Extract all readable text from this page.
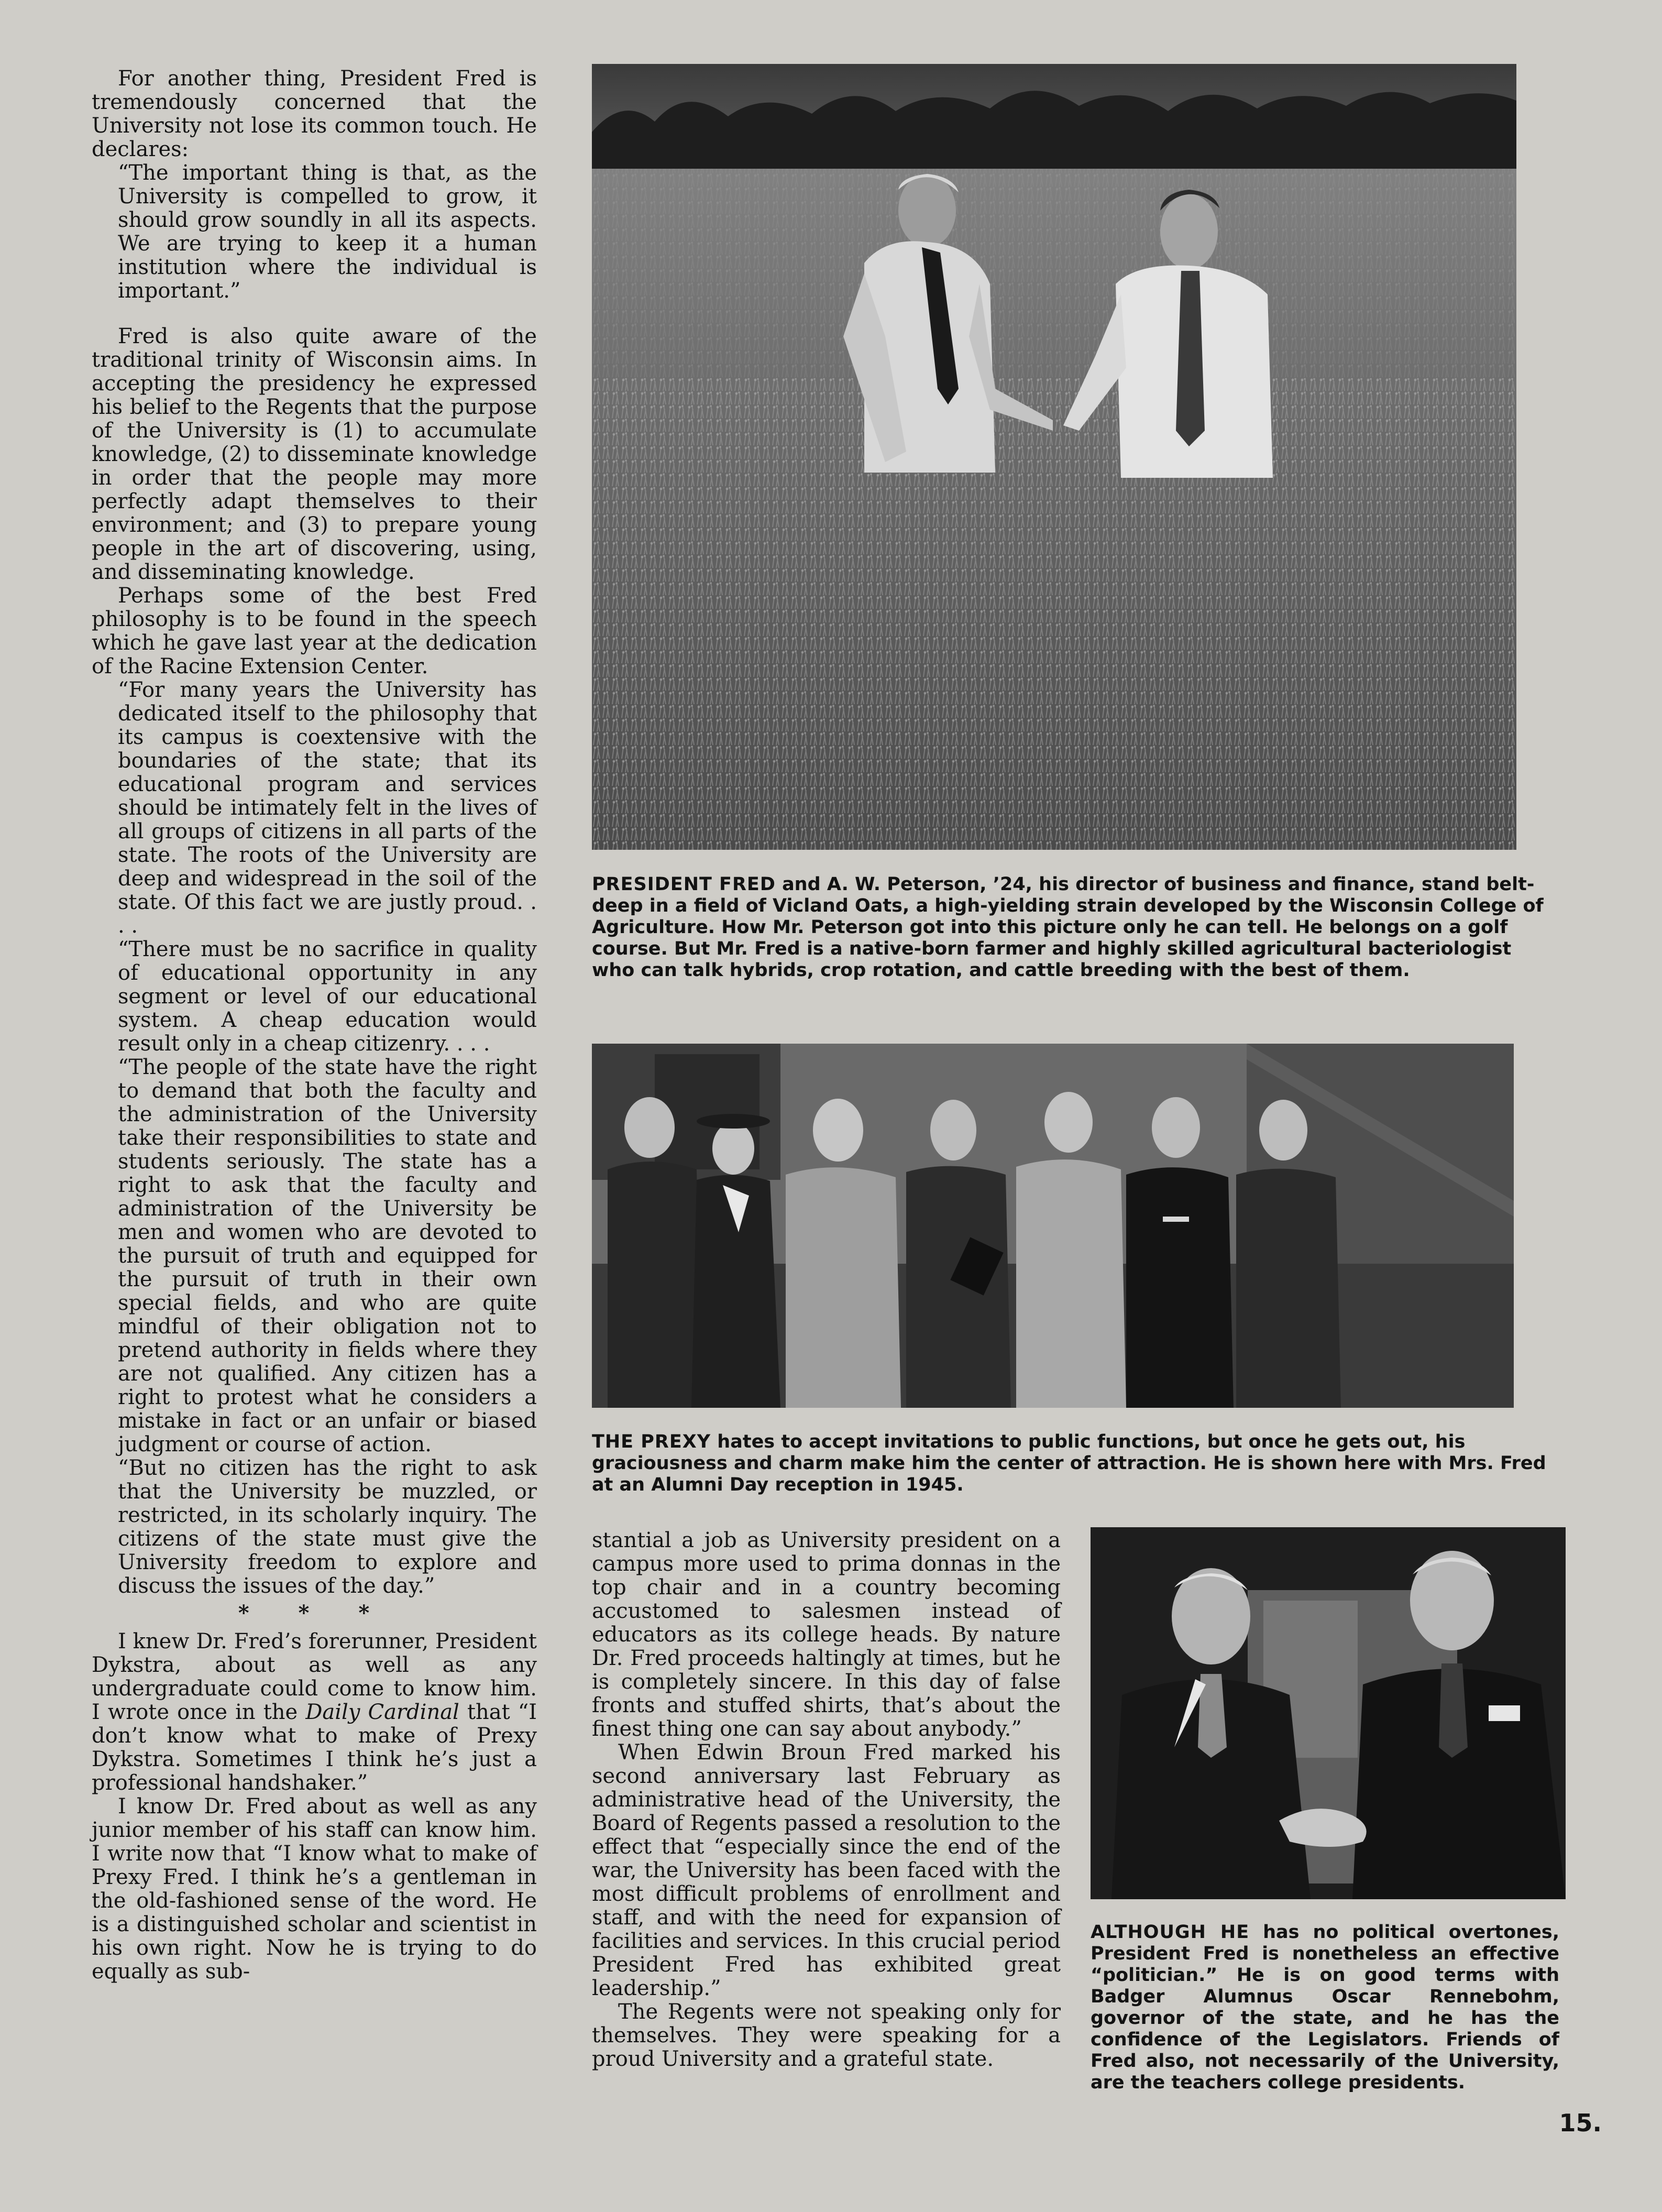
For another thing, President Fred is tremendously concerned that the University not lose its common touch. He declares:

“The important thing is that, as the University is compelled to grow, it should grow soundly in all its aspects. We are trying to keep it a human institution where the individual is important.”

Fred is also quite aware of the traditional trinity of Wisconsin aims. In accepting the presidency he expressed his belief to the Regents that the purpose of the University is (1) to accumulate knowledge, (2) to disseminate knowledge in order that the people may more perfectly adapt themselves to their environment; and (3) to prepare young people in the art of discovering, using, and disseminating knowledge.

Perhaps some of the best Fred philosophy is to be found in the speech which he gave last year at the dedication of the Racine Extension Center.

“For many years the University has dedicated itself to the philosophy that its campus is coextensive with the boundaries of the state; that its educational program and services should be intimately felt in the lives of all groups of citizens in all parts of the state. The roots of the University are deep and widespread in the soil of the state. Of this fact we are justly proud. . . .

“There must be no sacrifice in quality of educational opportunity in any segment or level of our educational system. A cheap education would result only in a cheap citizenry. . . .

“The people of the state have the right to demand that both the faculty and the administration of the University take their responsibilities to state and students seriously. The state has a right to ask that the faculty and administration of the University be men and women who are devoted to the pursuit of truth and equipped for the pursuit of truth in their own special fields, and who are quite mindful of their obligation not to pretend authority in fields where they are not qualified. Any citizen has a right to protest what he considers a mistake in fact or an unfair or biased judgment or course of action.

“But no citizen has the right to ask that the University be muzzled, or restricted, in its scholarly inquiry. The citizens of the state must give the University freedom to explore and discuss the issues of the day.”

* * *

I knew Dr. Fred’s forerunner, President Dykstra, about as well as any undergraduate could come to know him. I wrote once in the Daily Cardinal that “I don’t know what to make of Prexy Dykstra. Sometimes I think he’s just a professional handshaker.”

I know Dr. Fred about as well as any junior member of his staff can know him. I write now that “I know what to make of Prexy Fred. I think he’s a gentleman in the old-fashioned sense of the word. He is a distinguished scholar and scientist in his own right. Now he is trying to do equally as sub-

PRESIDENT FRED and A. W. Peterson, ’24, his director of business and finance, stand belt-deep in a field of Vicland Oats, a high-yielding strain developed by the Wisconsin College of Agriculture. How Mr. Peterson got into this picture only he can tell. He belongs on a golf course. But Mr. Fred is a native-born farmer and highly skilled agricultural bacteriologist who can talk hybrids, crop rotation, and cattle breeding with the best of them.
THE PREXY hates to accept invitations to public functions, but once he gets out, his graciousness and charm make him the center of attraction. He is shown here with Mrs. Fred at an Alumni Day reception in 1945.

stantial a job as University president on a campus more used to prima donnas in the top chair and in a country becoming accustomed to salesmen instead of educators as its college heads. By nature Dr. Fred proceeds haltingly at times, but he is completely sincere. In this day of false fronts and stuffed shirts, that’s about the finest thing one can say about anybody.”

When Edwin Broun Fred marked his second anniversary last February as administrative head of the University, the Board of Regents passed a resolution to the effect that “especially since the end of the war, the University has been faced with the most difficult problems of enrollment and staff, and with the need for expansion of facilities and services. In this crucial period President Fred has exhibited great leadership.”

The Regents were not speaking only for themselves. They were speaking for a proud University and a grateful state.

ALTHOUGH HE has no political overtones, President Fred is nonetheless an effective “politician.” He is on good terms with Badger Alumnus Oscar Rennebohm, governor of the state, and he has the confidence of the Legislators. Friends of Fred also, not necessarily of the University, are the teachers college presidents.
15.
